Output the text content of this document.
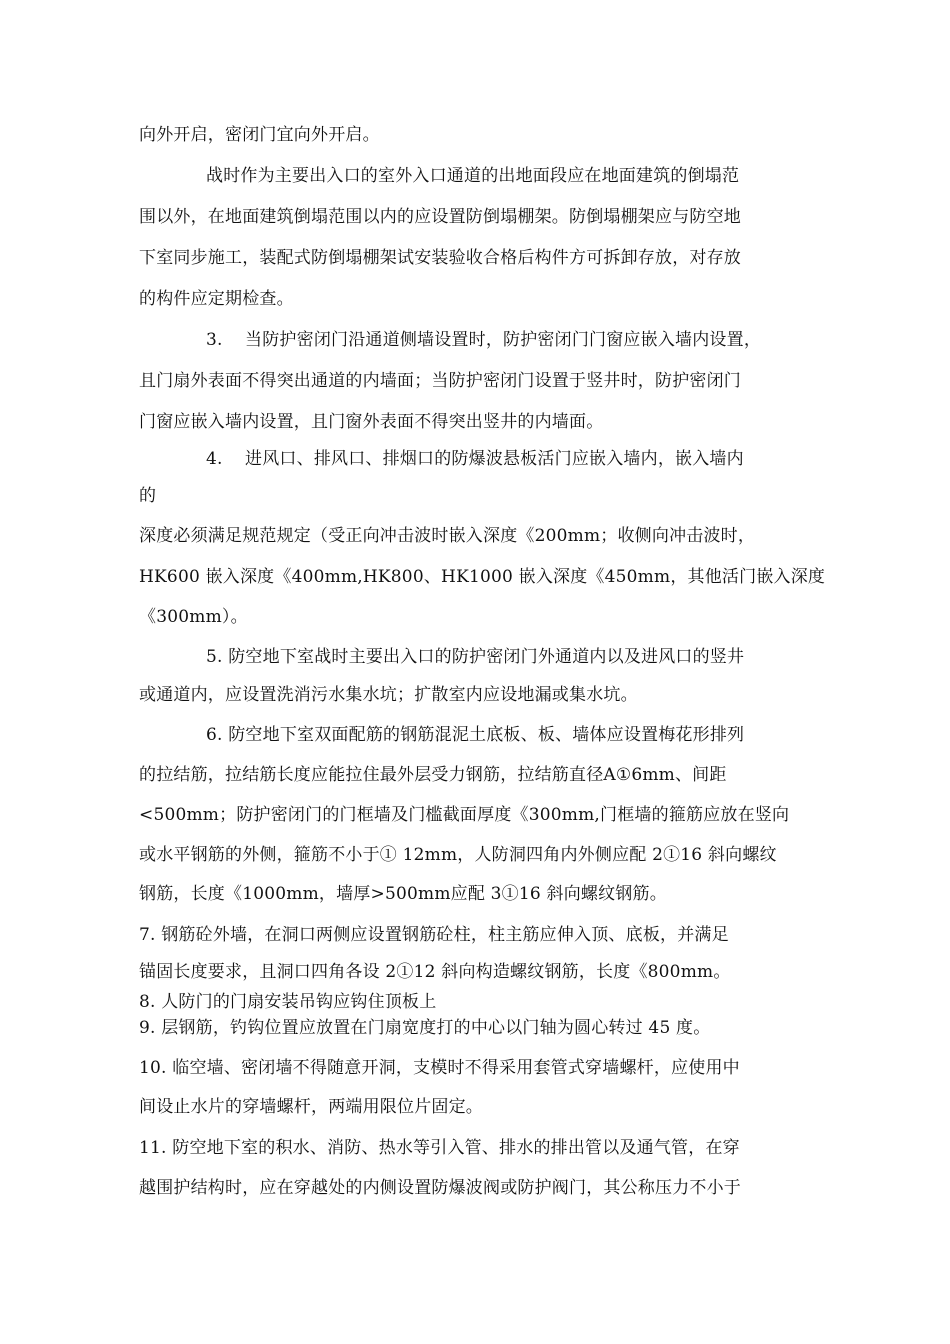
向外开启，密闭门宜向外开启。
战时作为主要出入口的室外入口通道的出地面段应在地面建筑的倒塌范
围以外，在地面建筑倒塌范围以内的应设置防倒塌棚架。防倒塌棚架应与防空地
下室同步施工，装配式防倒塌棚架试安装验收合格后构件方可拆卸存放，对存放
的构件应定期检查。
3.    当防护密闭门沿通道侧墙设置时，防护密闭门门窗应嵌入墙内设置，
且门扇外表面不得突出通道的内墙面；当防护密闭门设置于竖井时，防护密闭门
门窗应嵌入墙内设置，且门窗外表面不得突出竖井的内墙面。
4.    进风口、排风口、排烟口的防爆波悬板活门应嵌入墙内，嵌入墙内
的
深度必须满足规范规定（受正向冲击波时嵌入深度《200mm；收侧向冲击波时，
HK600 嵌入深度《400mm,HK800、HK1000 嵌入深度《450mm，其他活门嵌入深度
《300mm）。
5. 防空地下室战时主要出入口的防护密闭门外通道内以及进风口的竖井
或通道内，应设置洗消污水集水坑；扩散室内应设地漏或集水坑。
6. 防空地下室双面配筋的钢筋混泥土底板、板、墙体应设置梅花形排列
的拉结筋，拉结筋长度应能拉住最外层受力钢筋，拉结筋直径A①6mm、间距
<500mm；防护密闭门的门框墙及门槛截面厚度《300mm,门框墙的箍筋应放在竖向
或水平钢筋的外侧，箍筋不小于① 12mm，人防洞四角内外侧应配 2①16 斜向螺纹
钢筋，长度《1000mm，墙厚>500mm应配 3①16 斜向螺纹钢筋。
7. 钢筋砼外墙，在洞口两侧应设置钢筋砼柱，柱主筋应伸入顶、底板，并满足
锚固长度要求，且洞口四角各设 2①12 斜向构造螺纹钢筋，长度《800mm。
8. 人防门的门扇安装吊钩应钩住顶板上
9. 层钢筋，钓钩位置应放置在门扇宽度打的中心以门轴为圆心转过 45 度。
10. 临空墙、密闭墙不得随意开洞，支模时不得采用套管式穿墙螺杆，应使用中
间设止水片的穿墙螺杆，两端用限位片固定。
11. 防空地下室的积水、消防、热水等引入管、排水的排出管以及通气管，在穿
越围护结构时，应在穿越处的内侧设置防爆波阀或防护阀门，其公称压力不小于
